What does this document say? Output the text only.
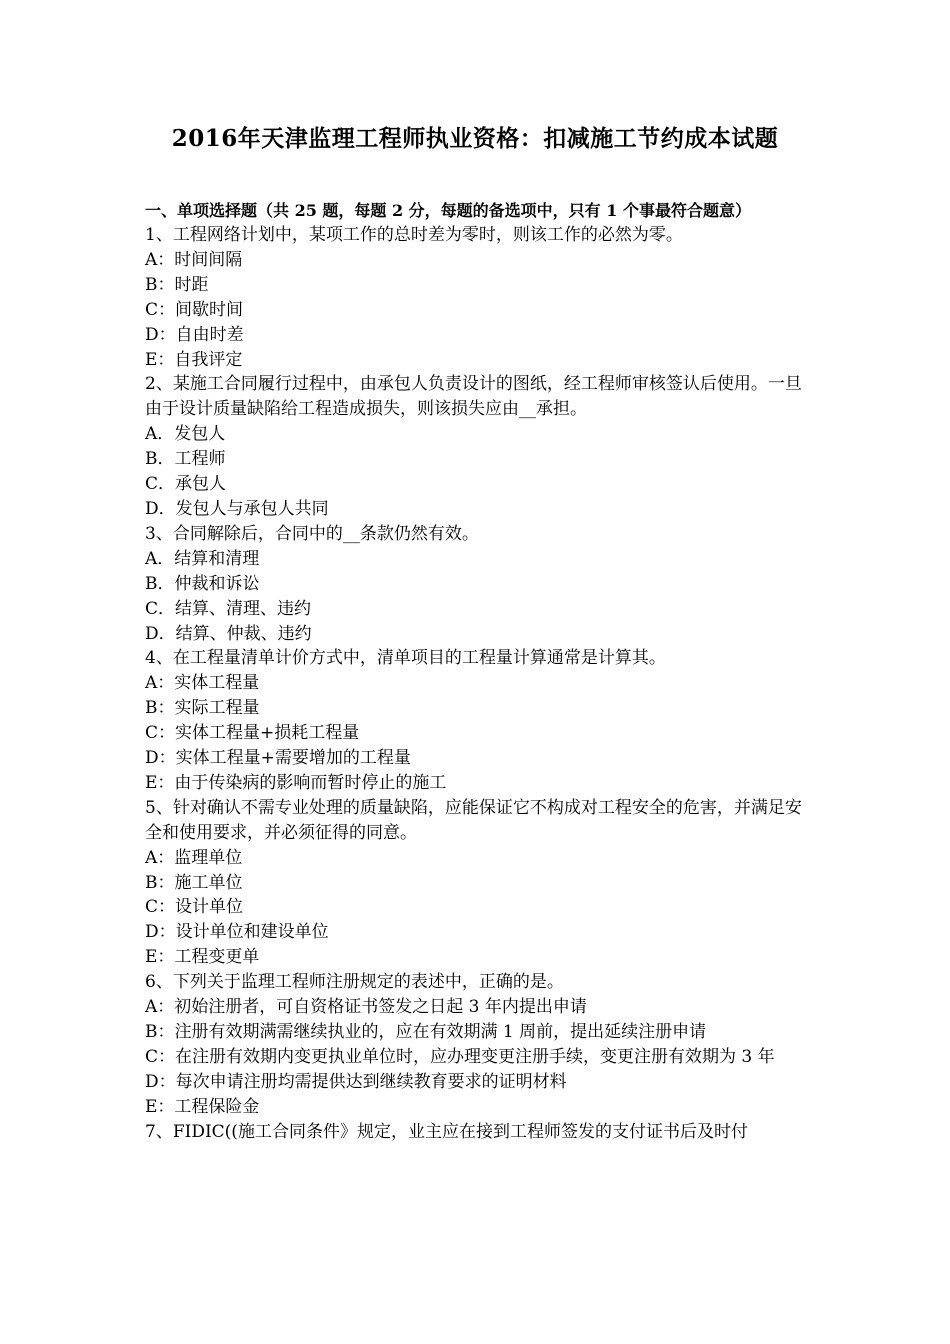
2016年天津监理工程师执业资格：扣减施工节约成本试题

一、单项选择题（共 25 题，每题 2 分，每题的备选项中，只有 1 个事最符合题意）

1、工程网络计划中，某项工作的总时差为零时，则该工作的必然为零。

A：时间间隔

B：时距

C：间歇时间

D：自由时差

E：自我评定

2、某施工合同履行过程中，由承包人负责设计的图纸，经工程师审核签认后使用。一旦由于设计质量缺陷给工程造成损失，则该损失应由__承担。

A．发包人

B．工程师

C．承包人

D．发包人与承包人共同

3、合同解除后，合同中的__条款仍然有效。

A．结算和清理

B．仲裁和诉讼

C．结算、清理、违约

D．结算、仲裁、违约

4、在工程量清单计价方式中，清单项目的工程量计算通常是计算其。

A：实体工程量

B：实际工程量

C：实体工程量+损耗工程量

D：实体工程量+需要增加的工程量

E：由于传染病的影响而暂时停止的施工

5、针对确认不需专业处理的质量缺陷，应能保证它不构成对工程安全的危害，并满足安全和使用要求，并必须征得的同意。

A：监理单位

B：施工单位

C：设计单位

D：设计单位和建设单位

E：工程变更单

6、下列关于监理工程师注册规定的表述中，正确的是。

A：初始注册者，可自资格证书签发之日起 3 年内提出申请

B：注册有效期满需继续执业的，应在有效期满 1 周前，提出延续注册申请

C：在注册有效期内变更执业单位时，应办理变更注册手续，变更注册有效期为 3 年

D：每次申请注册均需提供达到继续教育要求的证明材料

E：工程保险金

7、FIDIC((施工合同条件》规定，业主应在接到工程师签发的支付证书后及时付
